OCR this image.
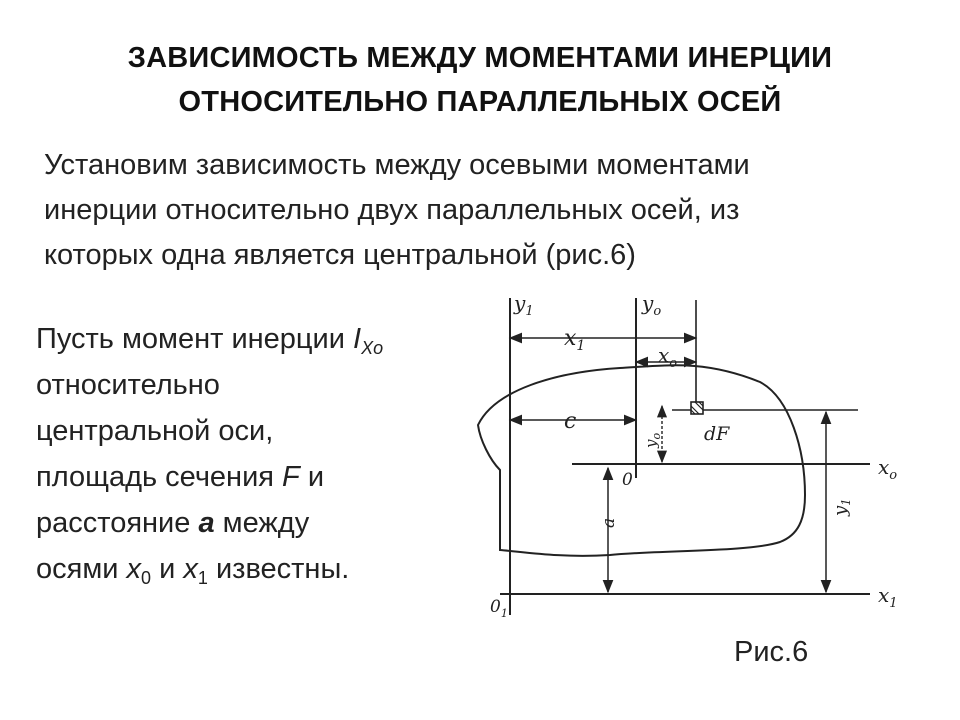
ЗАВИСИМОСТЬ МЕЖДУ МОМЕНТАМИ ИНЕРЦИИ
ОТНОСИТЕЛЬНО ПАРАЛЛЕЛЬНЫХ ОСЕЙ
Установим зависимость между осевыми моментами
инерции относительно двух параллельных осей, из
которых одна является центральной (рис.6)
Пусть момент инерции $I_{Xo}$
относительно
центральной оси,
площадь сечения F и
расстояние a между
осями $x_0$ и $x_1$ известны.
$y_1$	$y_o$
$x_1$	$x_o$
c	dF
$y_o$
0
$x_o$
a
$y_1$
$0_1$
$x_1$
Рис.6
